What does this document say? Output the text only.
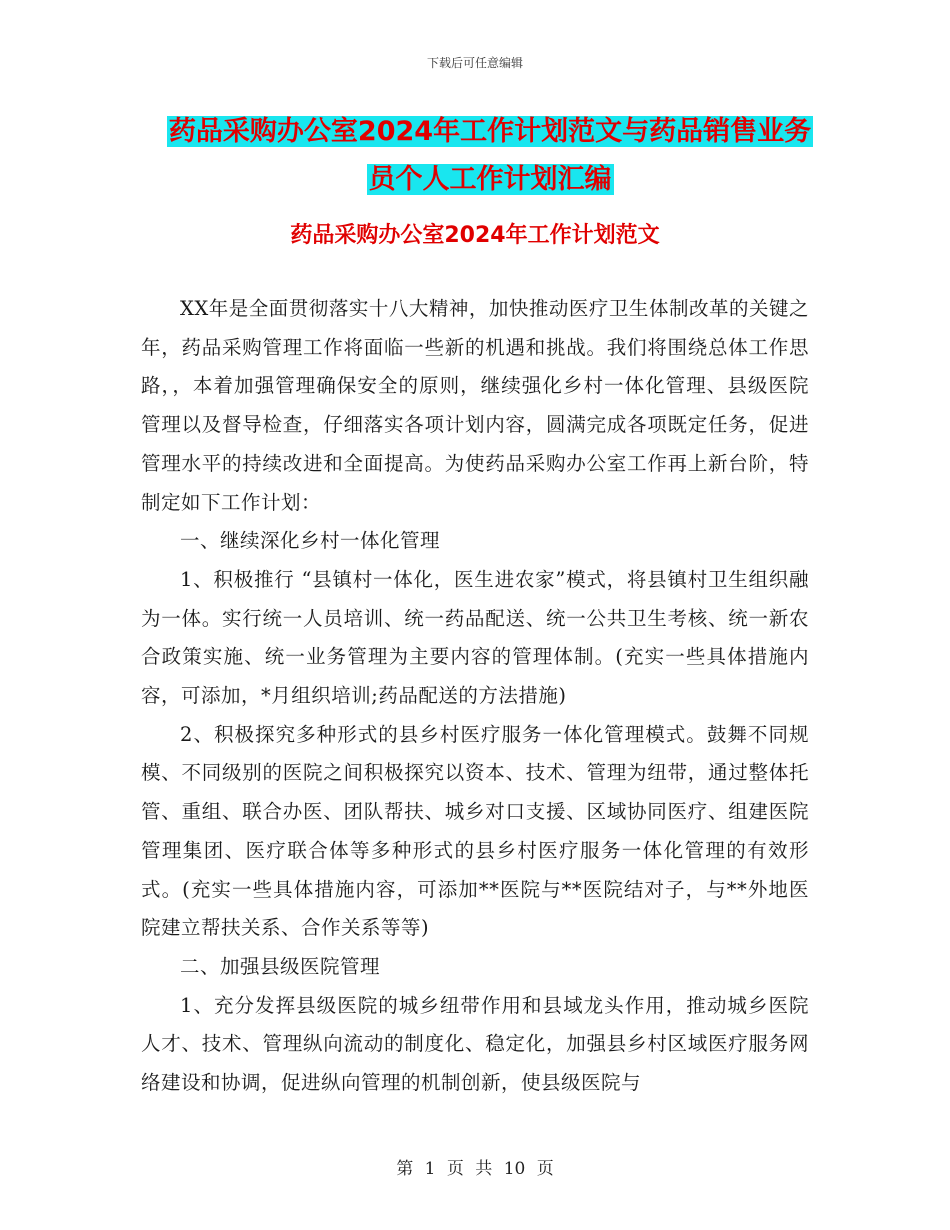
下载后可任意编辑
药品采购办公室2024年工作计划范文与药品销售业务
员个人工作计划汇编
药品采购办公室2024年工作计划范文

XX年是全面贯彻落实十八大精神，加快推动医疗卫生体制改革的关键之年，药品采购管理工作将面临一些新的机遇和挑战。我们将围绕总体工作思路，，本着加强管理确保安全的原则，继续强化乡村一体化管理、县级医院管理以及督导检查，仔细落实各项计划内容，圆满完成各项既定任务，促进管理水平的持续改进和全面提高。为使药品采购办公室工作再上新台阶，特制定如下工作计划：

一、继续深化乡村一体化管理

1、积极推行 “县镇村一体化，医生进农家”模式，将县镇村卫生组织融为一体。实行统一人员培训、统一药品配送、统一公共卫生考核、统一新农合政策实施、统一业务管理为主要内容的管理体制。(充实一些具体措施内容，可添加，*月组织培训;药品配送的方法措施)

2、积极探究多种形式的县乡村医疗服务一体化管理模式。鼓舞不同规模、不同级别的医院之间积极探究以资本、技术、管理为纽带，通过整体托管、重组、联合办医、团队帮扶、城乡对口支援、区域协同医疗、组建医院管理集团、医疗联合体等多种形式的县乡村医疗服务一体化管理的有效形式。(充实一些具体措施内容，可添加**医院与**医院结对子，与**外地医院建立帮扶关系、合作关系等等)

二、加强县级医院管理

1、充分发挥县级医院的城乡纽带作用和县域龙头作用，推动城乡医院人才、技术、管理纵向流动的制度化、稳定化，加强县乡村区域医疗服务网络建设和协调，促进纵向管理的机制创新，使县级医院与

第 1 页 共 10 页
